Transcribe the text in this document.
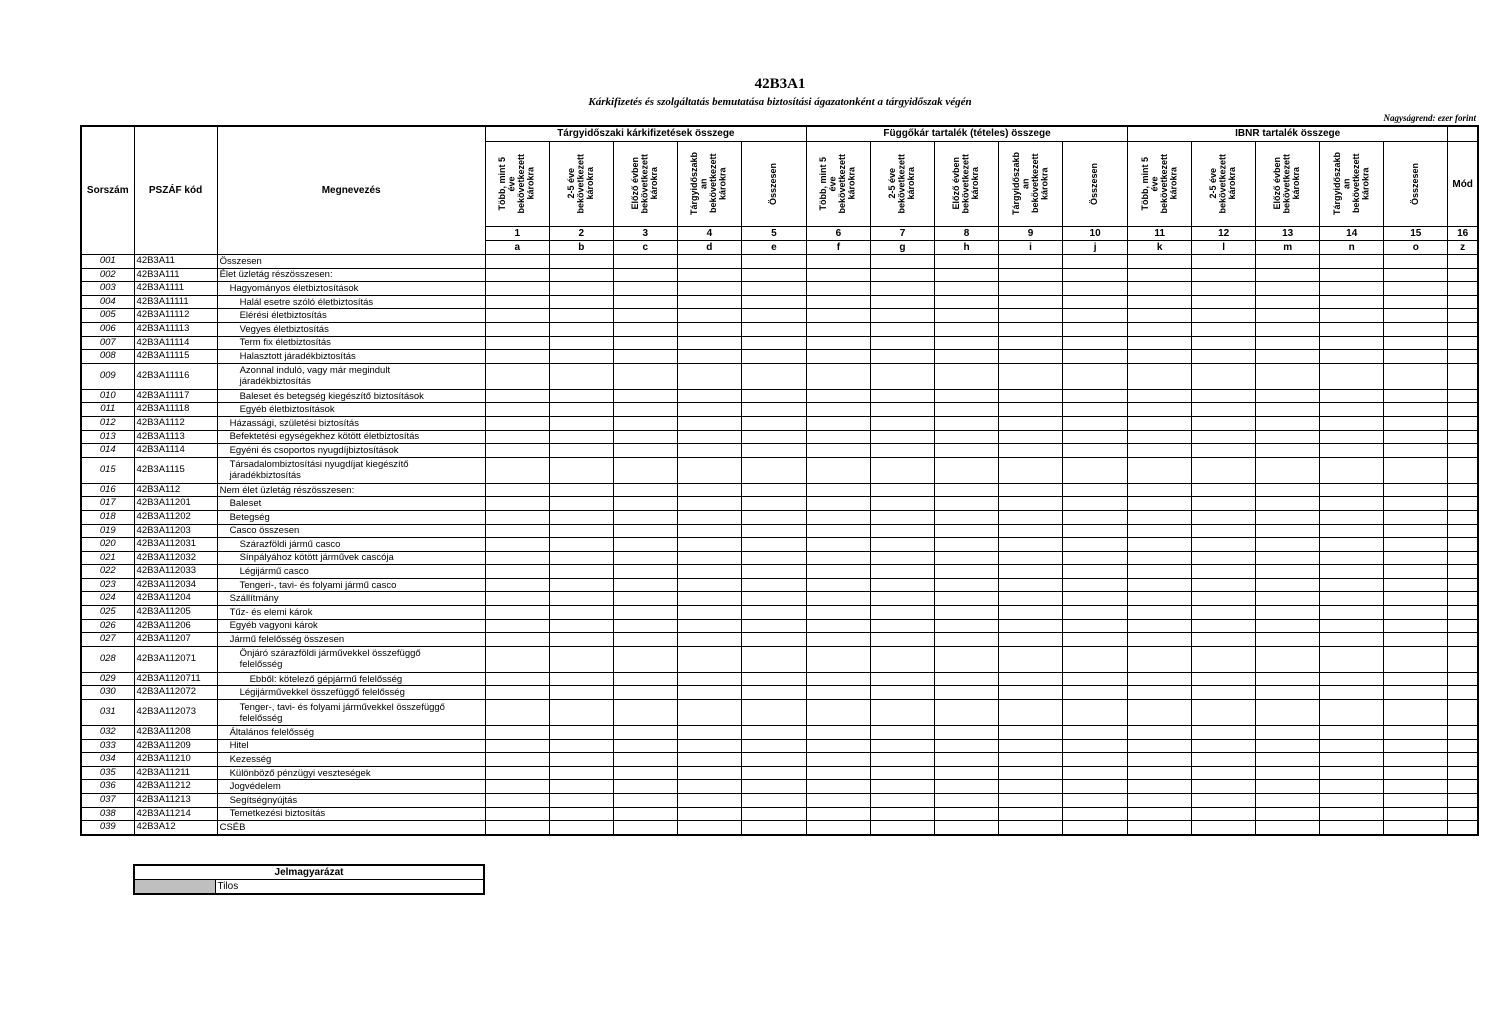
42B3A1
Kárkifizetés és szolgáltatás bemutatása biztosítási ágazatonként a tárgyidőszak végén
Nagyságrend: ezer forint
Sorszám	PSZÁF kód	Megnevezés	Tárgyidőszaki kárkifizetések összege					Függőkár tartalék (tételes) összege					IBNR tartalék összege					

			Több, mint 5
éve
bekövetkezett
károkra	2-5 éve
bekövetkezett
károkra	Előző évben
bekövetkezett
károkra	Tárgyidőszakb
an
bekövetkezett
károkra	Összesen	Több, mint 5
éve
bekövetkezett
károkra	2-5 éve
bekövetkezett
károkra	Előző évben
bekövetkezett
károkra	Tárgyidőszakb
an
bekövetkezett
károkra	Összesen	Több, mint 5
éve
bekövetkezett
károkra	2-5 éve
bekövetkezett
károkra	Előző évben
bekövetkezett
károkra	Tárgyidőszakb
an
bekövetkezett
károkra	Összesen	Mód
			1	2	3	4	5	6	7	8	9	10	11	12	13	14	15	16
			a	b	c	d	e	f	g	h	i	j	k	l	m	n	o	z
001	42B3A11	Összesen																
002	42B3A111	Élet üzletág részösszesen:																
003	42B3A1111	Hagyományos életbiztosítások																
004	42B3A11111	Halál esetre szóló életbiztosítás																
005	42B3A11112	Elérési életbiztosítás																
006	42B3A11113	Vegyes életbiztosítás																
007	42B3A11114	Term fix életbiztosítás																
008	42B3A11115	Halasztott járadékbiztosítás																
009	42B3A11116	Azonnal induló, vagy már megindult
járadékbiztosítás																
010	42B3A11117	Baleset és betegség kiegészítő biztosítások																
011	42B3A11118	Egyéb életbiztosítások																
012	42B3A1112	Házassági, születési biztosítás																
013	42B3A1113	Befektetési egységekhez kötött életbiztosítás																
014	42B3A1114	Egyéni és csoportos nyugdíjbiztosítások																
015	42B3A1115	Társadalombiztosítási nyugdíjat kiegészítő
járadékbiztosítás																
016	42B3A112	Nem élet üzletág részösszesen:																
017	42B3A11201	Baleset																
018	42B3A11202	Betegség																
019	42B3A11203	Casco összesen																
020	42B3A112031	Szárazföldi jármű casco																
021	42B3A112032	Sínpályához kötött járművek cascója																
022	42B3A112033	Légijármű casco																
023	42B3A112034	Tengeri-, tavi- és folyami jármű casco																
024	42B3A11204	Szállítmány																
025	42B3A11205	Tűz- és elemi károk																
026	42B3A11206	Egyéb vagyoni károk																
027	42B3A11207	Jármű felelősség összesen																
028	42B3A112071	Önjáró szárazföldi járművekkel összefüggő
felelősség																
029	42B3A1120711	Ebből: kötelező gépjármű felelősség																
030	42B3A112072	Légijárművekkel összefüggő felelősség																
031	42B3A112073	Tenger-, tavi- és folyami járművekkel összefüggő
felelősség																
032	42B3A11208	Általános felelősség																
033	42B3A11209	Hitel																
034	42B3A11210	Kezesség																
035	42B3A11211	Különböző pénzügyi veszteségek																
036	42B3A11212	Jogvédelem																
037	42B3A11213	Segítségnyújtás																
038	42B3A11214	Temetkezési biztosítás																
039	42B3A12	CSÉB																
Jelmagyarázat
	Tilos
